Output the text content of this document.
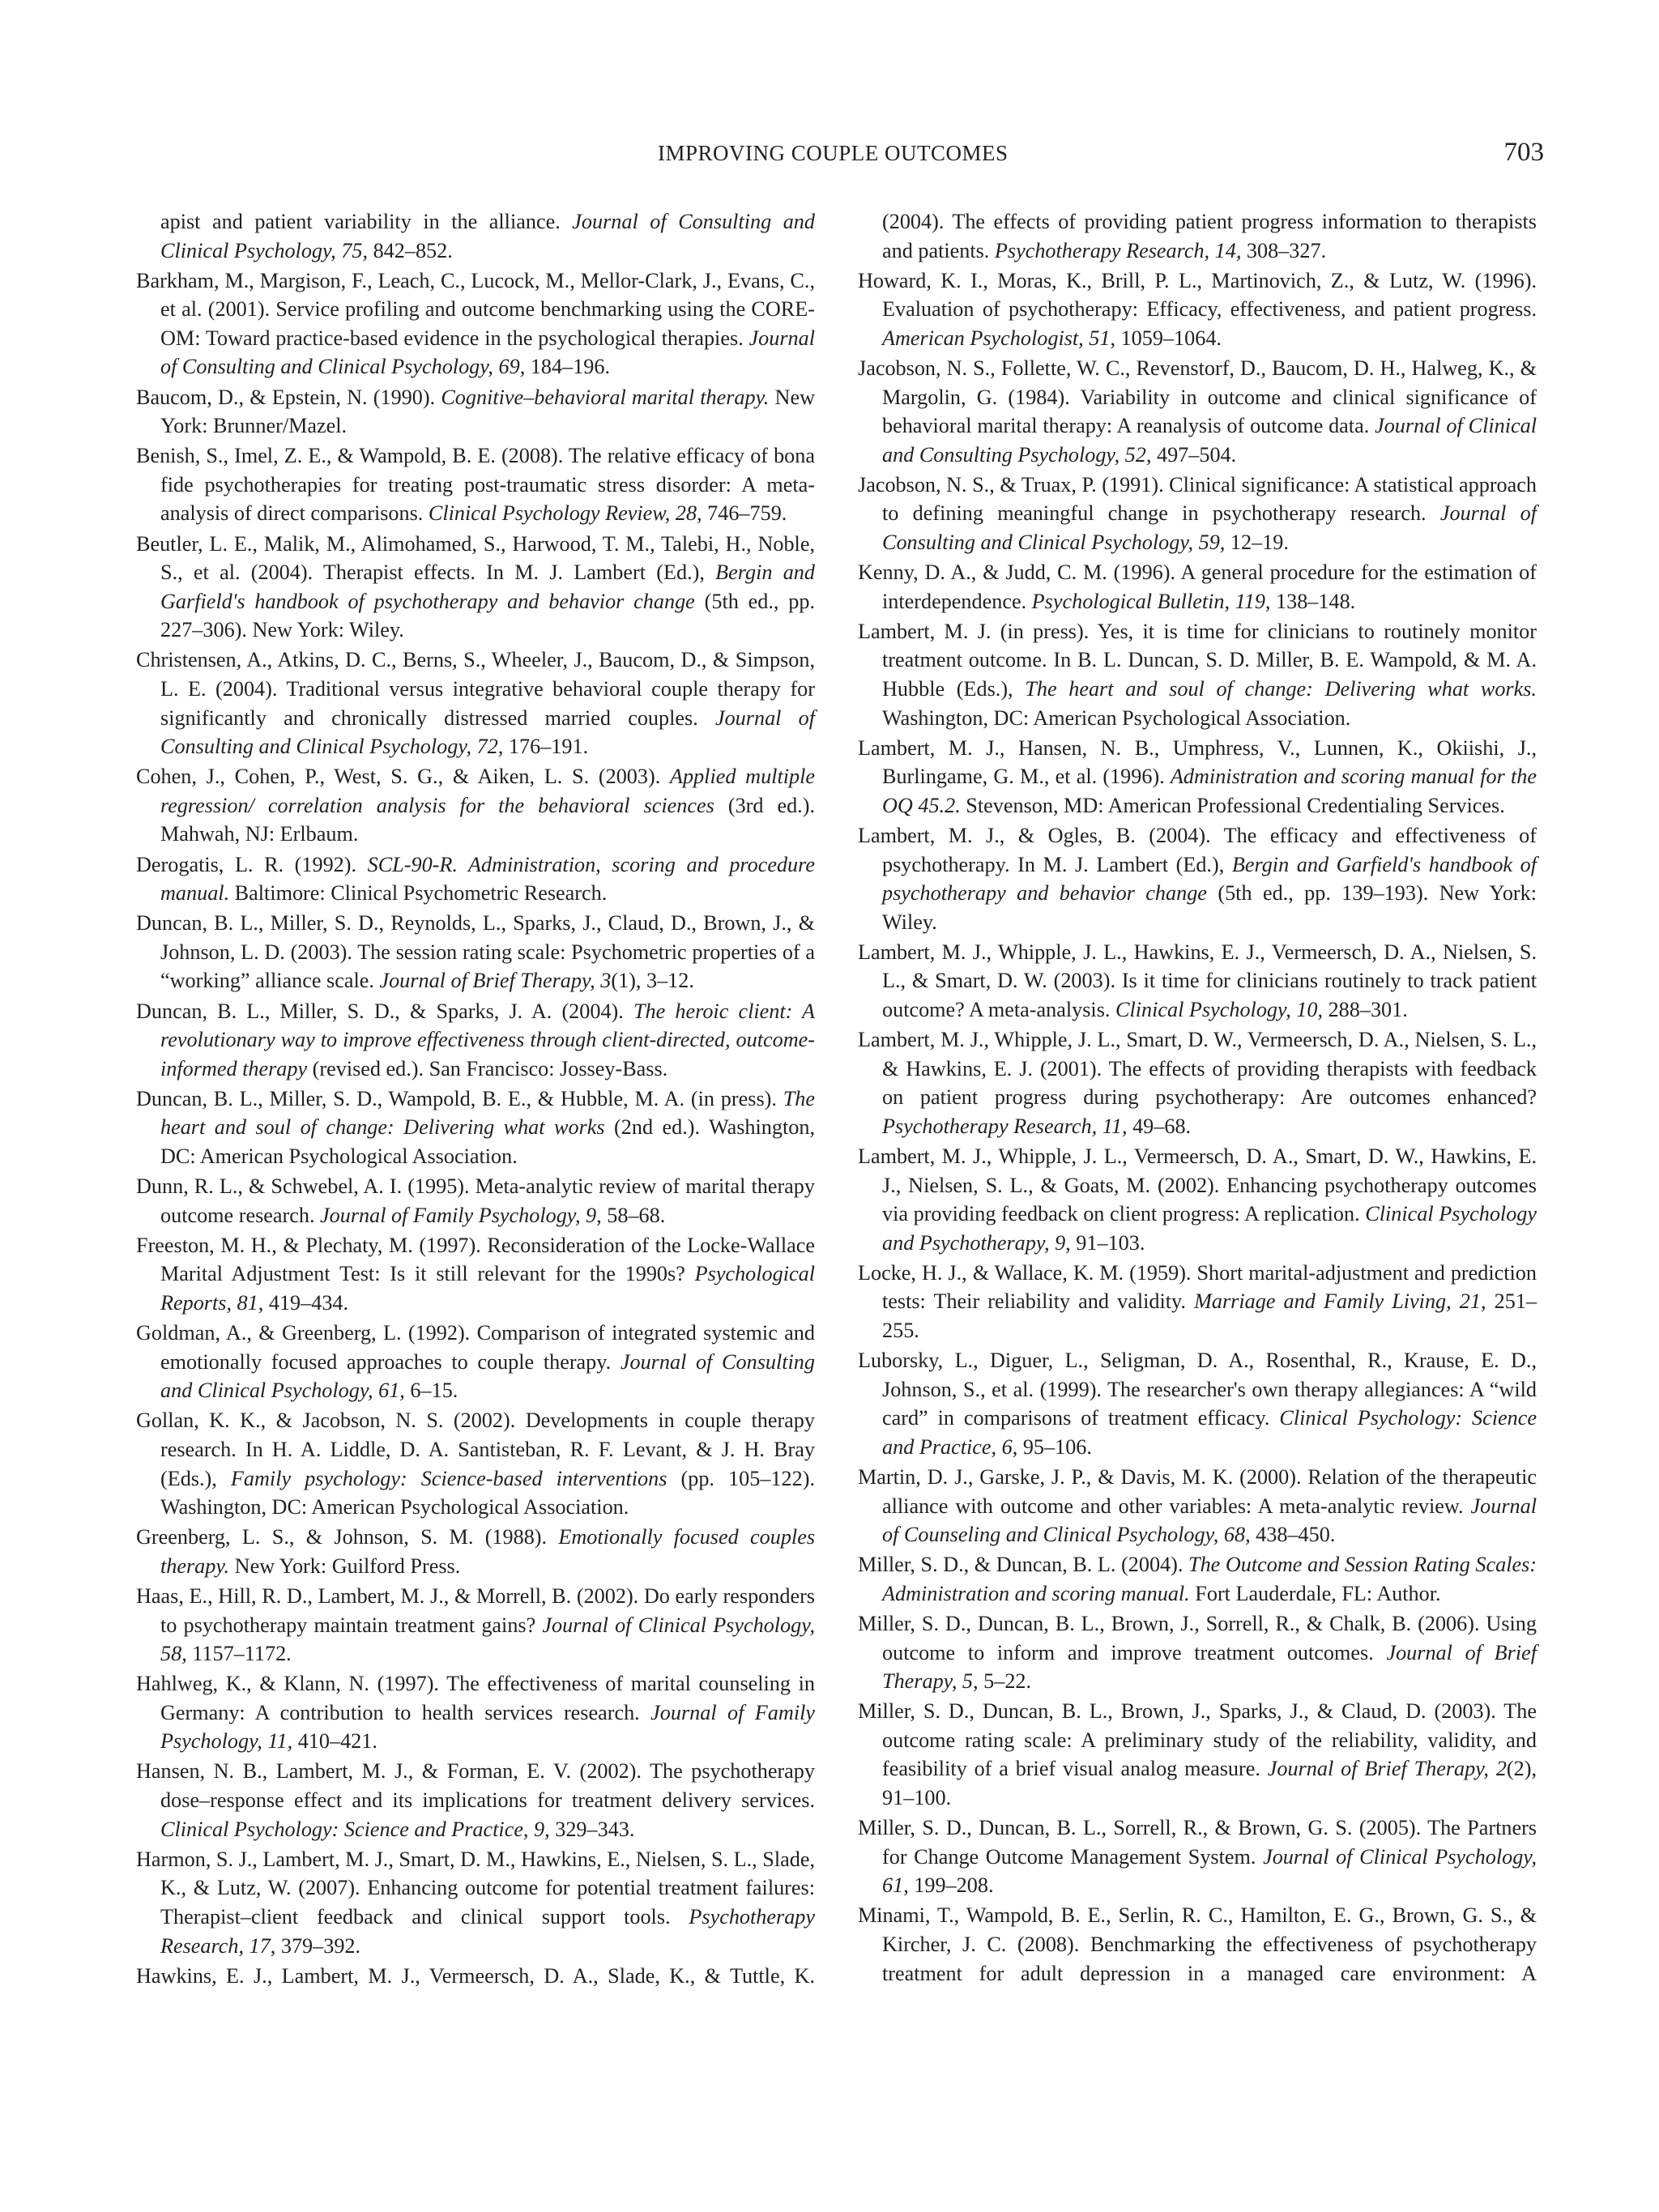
IMPROVING COUPLE OUTCOMES	703

apist and patient variability in the alliance. Journal of Consulting and Clinical Psychology, 75, 842–852.

Barkham, M., Margison, F., Leach, C., Lucock, M., Mellor-Clark, J., Evans, C., et al. (2001). Service profiling and outcome benchmarking using the CORE-OM: Toward practice-based evidence in the psychological therapies. Journal of Consulting and Clinical Psychology, 69, 184–196.

Baucom, D., & Epstein, N. (1990). Cognitive–behavioral marital therapy. New York: Brunner/Mazel.

Benish, S., Imel, Z. E., & Wampold, B. E. (2008). The relative efficacy of bona fide psychotherapies for treating post-traumatic stress disorder: A meta-analysis of direct comparisons. Clinical Psychology Review, 28, 746–759.

Beutler, L. E., Malik, M., Alimohamed, S., Harwood, T. M., Talebi, H., Noble, S., et al. (2004). Therapist effects. In M. J. Lambert (Ed.), Bergin and Garfield's handbook of psychotherapy and behavior change (5th ed., pp. 227–306). New York: Wiley.

Christensen, A., Atkins, D. C., Berns, S., Wheeler, J., Baucom, D., & Simpson, L. E. (2004). Traditional versus integrative behavioral couple therapy for significantly and chronically distressed married couples. Journal of Consulting and Clinical Psychology, 72, 176–191.

Cohen, J., Cohen, P., West, S. G., & Aiken, L. S. (2003). Applied multiple regression/ correlation analysis for the behavioral sciences (3rd ed.). Mahwah, NJ: Erlbaum.

Derogatis, L. R. (1992). SCL-90-R. Administration, scoring and procedure manual. Baltimore: Clinical Psychometric Research.

Duncan, B. L., Miller, S. D., Reynolds, L., Sparks, J., Claud, D., Brown, J., & Johnson, L. D. (2003). The session rating scale: Psychometric properties of a “working” alliance scale. Journal of Brief Therapy, 3(1), 3–12.

Duncan, B. L., Miller, S. D., & Sparks, J. A. (2004). The heroic client: A revolutionary way to improve effectiveness through client-directed, outcome-informed therapy (revised ed.). San Francisco: Jossey-Bass.

Duncan, B. L., Miller, S. D., Wampold, B. E., & Hubble, M. A. (in press). The heart and soul of change: Delivering what works (2nd ed.). Washington, DC: American Psychological Association.

Dunn, R. L., & Schwebel, A. I. (1995). Meta-analytic review of marital therapy outcome research. Journal of Family Psychology, 9, 58–68.

Freeston, M. H., & Plechaty, M. (1997). Reconsideration of the Locke-Wallace Marital Adjustment Test: Is it still relevant for the 1990s? Psychological Reports, 81, 419–434.

Goldman, A., & Greenberg, L. (1992). Comparison of integrated systemic and emotionally focused approaches to couple therapy. Journal of Consulting and Clinical Psychology, 61, 6–15.

Gollan, K. K., & Jacobson, N. S. (2002). Developments in couple therapy research. In H. A. Liddle, D. A. Santisteban, R. F. Levant, & J. H. Bray (Eds.), Family psychology: Science-based interventions (pp. 105–122). Washington, DC: American Psychological Association.

Greenberg, L. S., & Johnson, S. M. (1988). Emotionally focused couples therapy. New York: Guilford Press.

Haas, E., Hill, R. D., Lambert, M. J., & Morrell, B. (2002). Do early responders to psychotherapy maintain treatment gains? Journal of Clinical Psychology, 58, 1157–1172.

Hahlweg, K., & Klann, N. (1997). The effectiveness of marital counseling in Germany: A contribution to health services research. Journal of Family Psychology, 11, 410–421.

Hansen, N. B., Lambert, M. J., & Forman, E. V. (2002). The psychotherapy dose–response effect and its implications for treatment delivery services. Clinical Psychology: Science and Practice, 9, 329–343.

Harmon, S. J., Lambert, M. J., Smart, D. M., Hawkins, E., Nielsen, S. L., Slade, K., & Lutz, W. (2007). Enhancing outcome for potential treatment failures: Therapist–client feedback and clinical support tools. Psychotherapy Research, 17, 379–392.

Hawkins, E. J., Lambert, M. J., Vermeersch, D. A., Slade, K., & Tuttle, K.

(2004). The effects of providing patient progress information to therapists and patients. Psychotherapy Research, 14, 308–327.

Howard, K. I., Moras, K., Brill, P. L., Martinovich, Z., & Lutz, W. (1996). Evaluation of psychotherapy: Efficacy, effectiveness, and patient progress. American Psychologist, 51, 1059–1064.

Jacobson, N. S., Follette, W. C., Revenstorf, D., Baucom, D. H., Halweg, K., & Margolin, G. (1984). Variability in outcome and clinical significance of behavioral marital therapy: A reanalysis of outcome data. Journal of Clinical and Consulting Psychology, 52, 497–504.

Jacobson, N. S., & Truax, P. (1991). Clinical significance: A statistical approach to defining meaningful change in psychotherapy research. Journal of Consulting and Clinical Psychology, 59, 12–19.

Kenny, D. A., & Judd, C. M. (1996). A general procedure for the estimation of interdependence. Psychological Bulletin, 119, 138–148.

Lambert, M. J. (in press). Yes, it is time for clinicians to routinely monitor treatment outcome. In B. L. Duncan, S. D. Miller, B. E. Wampold, & M. A. Hubble (Eds.), The heart and soul of change: Delivering what works. Washington, DC: American Psychological Association.

Lambert, M. J., Hansen, N. B., Umphress, V., Lunnen, K., Okiishi, J., Burlingame, G. M., et al. (1996). Administration and scoring manual for the OQ 45.2. Stevenson, MD: American Professional Credentialing Services.

Lambert, M. J., & Ogles, B. (2004). The efficacy and effectiveness of psychotherapy. In M. J. Lambert (Ed.), Bergin and Garfield's handbook of psychotherapy and behavior change (5th ed., pp. 139–193). New York: Wiley.

Lambert, M. J., Whipple, J. L., Hawkins, E. J., Vermeersch, D. A., Nielsen, S. L., & Smart, D. W. (2003). Is it time for clinicians routinely to track patient outcome? A meta-analysis. Clinical Psychology, 10, 288–301.

Lambert, M. J., Whipple, J. L., Smart, D. W., Vermeersch, D. A., Nielsen, S. L., & Hawkins, E. J. (2001). The effects of providing therapists with feedback on patient progress during psychotherapy: Are outcomes enhanced? Psychotherapy Research, 11, 49–68.

Lambert, M. J., Whipple, J. L., Vermeersch, D. A., Smart, D. W., Hawkins, E. J., Nielsen, S. L., & Goats, M. (2002). Enhancing psychotherapy outcomes via providing feedback on client progress: A replication. Clinical Psychology and Psychotherapy, 9, 91–103.

Locke, H. J., & Wallace, K. M. (1959). Short marital-adjustment and prediction tests: Their reliability and validity. Marriage and Family Living, 21, 251–255.

Luborsky, L., Diguer, L., Seligman, D. A., Rosenthal, R., Krause, E. D., Johnson, S., et al. (1999). The researcher's own therapy allegiances: A “wild card” in comparisons of treatment efficacy. Clinical Psychology: Science and Practice, 6, 95–106.

Martin, D. J., Garske, J. P., & Davis, M. K. (2000). Relation of the therapeutic alliance with outcome and other variables: A meta-analytic review. Journal of Counseling and Clinical Psychology, 68, 438–450.

Miller, S. D., & Duncan, B. L. (2004). The Outcome and Session Rating Scales: Administration and scoring manual. Fort Lauderdale, FL: Author.

Miller, S. D., Duncan, B. L., Brown, J., Sorrell, R., & Chalk, B. (2006). Using outcome to inform and improve treatment outcomes. Journal of Brief Therapy, 5, 5–22.

Miller, S. D., Duncan, B. L., Brown, J., Sparks, J., & Claud, D. (2003). The outcome rating scale: A preliminary study of the reliability, validity, and feasibility of a brief visual analog measure. Journal of Brief Therapy, 2(2), 91–100.

Miller, S. D., Duncan, B. L., Sorrell, R., & Brown, G. S. (2005). The Partners for Change Outcome Management System. Journal of Clinical Psychology, 61, 199–208.

Minami, T., Wampold, B. E., Serlin, R. C., Hamilton, E. G., Brown, G. S., & Kircher, J. C. (2008). Benchmarking the effectiveness of psychotherapy treatment for adult depression in a managed care environment: A
